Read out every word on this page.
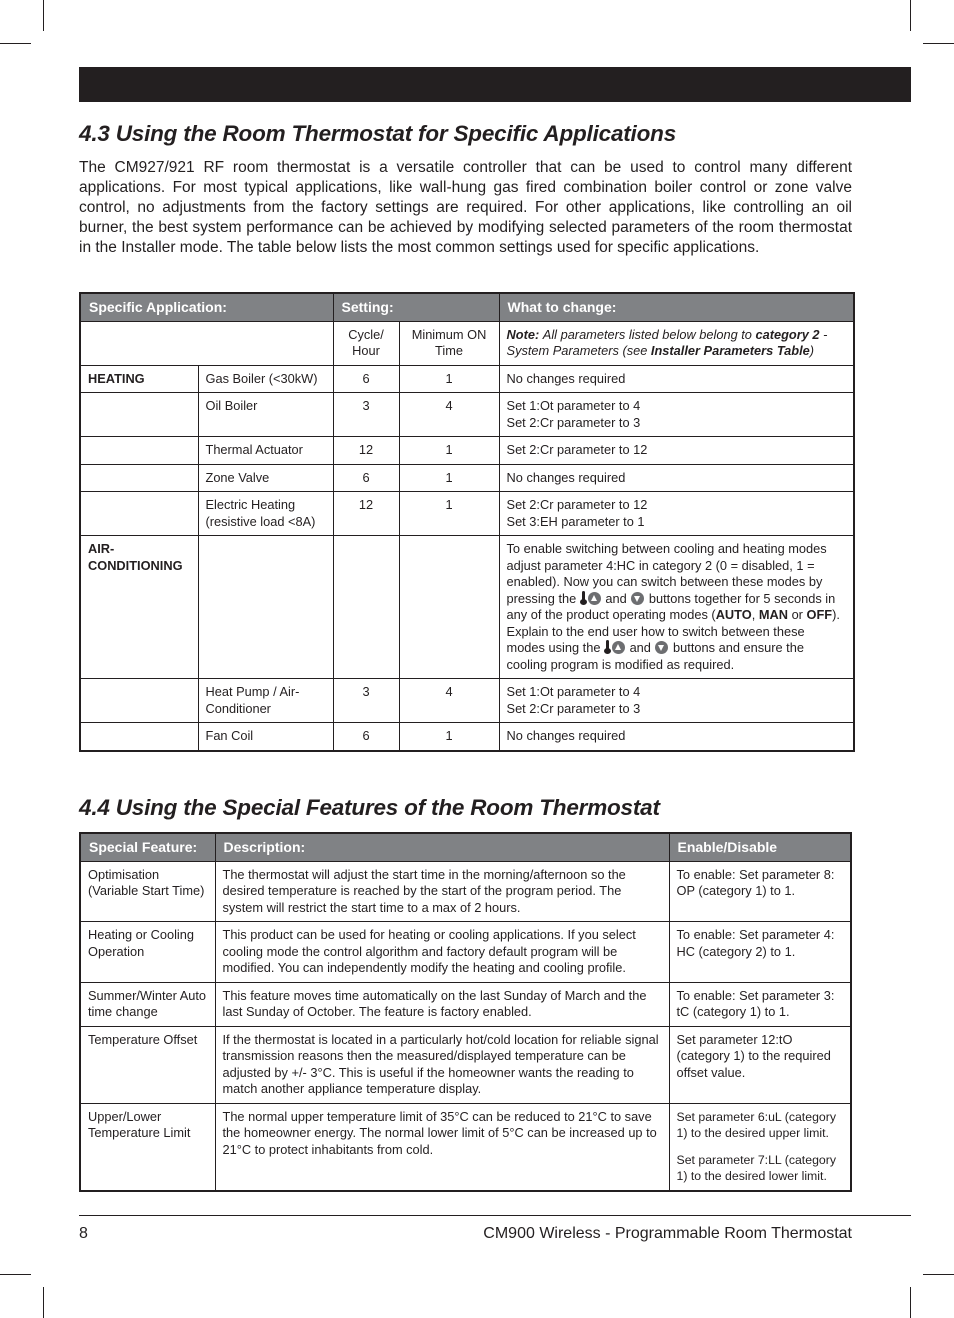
4.3 Using the Room Thermostat for Specific Applications

The CM927/921 RF room thermostat is a versatile controller that can be used to control many different applications. For most typical applications, like wall-hung gas fired combination boiler control or zone valve control, no adjustments from the factory settings are required. For other applications, like controlling an oil burner, the best system performance can be achieved by modifying selected parameters of the room thermostat in the Installer mode. The table below lists the most common settings used for specific applications.

Specific Application:		Setting:		What to change:
		Cycle/ Hour	Minimum ON Time	Note: All parameters listed below belong to category 2 - System Parameters (see Installer Parameters Table)
HEATING	Gas Boiler (<30kW)	6	1	No changes required
	Oil Boiler	3	4	Set 1:Ot parameter to 4
Set 2:Cr parameter to 3

	Thermal Actuator	12	1	Set 2:Cr parameter to 12
	Zone Valve	6	1	No changes required
	Electric Heating (resistive load <8A)	12	1	Set 2:Cr parameter to 12
Set 3:EH parameter to 1

AIR-CONDITIONING				To enable switching between cooling and heating modes adjust parameter 4:HC in category 2 (0 = disabled, 1 = enabled). Now you can switch between these modes by pressing the and buttons together for 5 seconds in any of the product operating modes (AUTO, MAN or OFF). Explain to the end user how to switch between these modes using the and buttons and ensure the cooling program is modified as required.
	Heat Pump / Air-Conditioner	3	4	Set 1:Ot parameter to 4
Set 2:Cr parameter to 3

	Fan Coil	6	1	No changes required
4.4 Using the Special Features of the Room Thermostat
Special Feature:	Description:	Enable/Disable
Optimisation (Variable Start Time)	The thermostat will adjust the start time in the morning/afternoon so the desired temperature is reached by the start of the program period. The system will restrict the start time to a max of 2 hours.	To enable: Set parameter 8: OP (category 1) to 1.
Heating or Cooling Operation	This product can be used for heating or cooling applications. If you select cooling mode the control algorithm and factory default program will be modified. You can independently modify the heating and cooling profile.	To enable: Set parameter 4: HC (category 2) to 1.
Summer/Winter Auto time change	This feature moves time automatically on the last Sunday of March and the last Sunday of October. The feature is factory enabled.	To enable: Set parameter 3: tC (category 1) to 1.
Temperature Offset	If the thermostat is located in a particularly hot/cold location for reliable signal transmission reasons then the measured/displayed temperature can be adjusted by +/- 3°C. This is useful if the homeowner wants the reading to match another appliance temperature display.	Set parameter 12:tO (category 1) to the required offset value.
Upper/Lower Temperature Limit	The normal upper temperature limit of 35°C can be reduced to 21°C to save the homeowner energy. The normal lower limit of 5°C can be increased up to 21°C to protect inhabitants from cold.	Set parameter 6:uL (category 1) to the desired upper limit.
Set parameter 7:LL (category 1) to the desired lower limit.
8	CM900 Wireless - Programmable Room Thermostat
